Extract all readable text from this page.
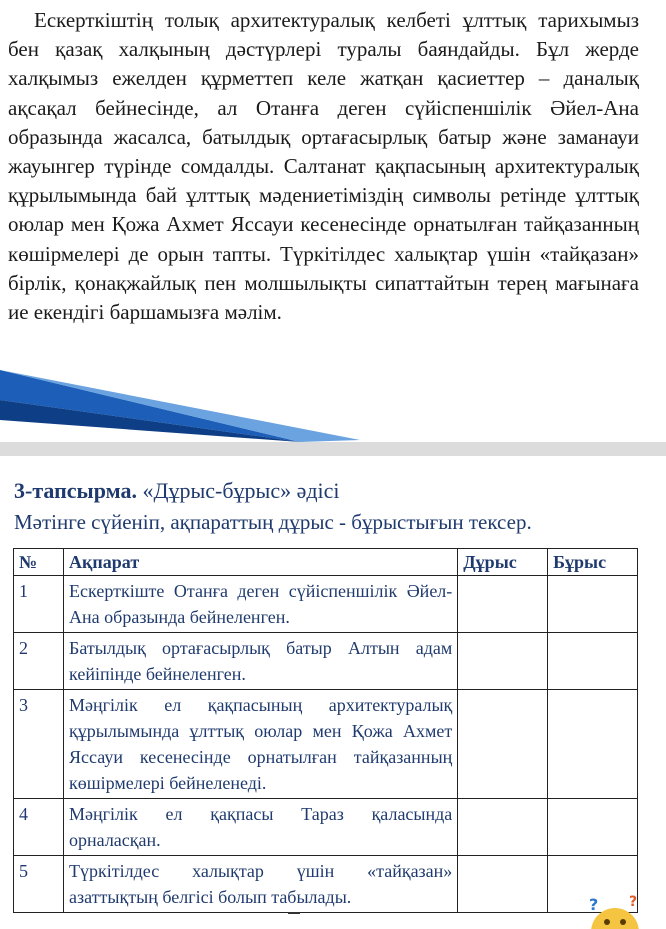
Ескерткіштің толық архитектуралық келбеті ұлттық тарихымыз бен қазақ халқының дәстүрлері туралы баяндайды. Бұл жерде халқымыз ежелден құрметтеп келе жатқан қасиеттер – даналық ақсақал бейнесінде, ал Отанға деген сүйіспеншілік Әйел-Ана образында жасалса, батылдық ортағасырлық батыр және заманауи жауынгер түрінде сомдалды. Салтанат қақпасының архитектуралық құрылымында бай ұлттық мәдениетіміздің символы ретінде ұлттық оюлар мен Қожа Ахмет Яссауи кесенесінде орнатылған тайқазанның көшірмелері де орын тапты. Түркітілдес халықтар үшін «тайқазан» бірлік, қонақжайлық пен молшылықты сипаттайтын терең мағынаға ие екендігі баршамызға мәлім.

3-тапсырма. «Дұрыс-бұрыс» әдісі
Мәтінге сүйеніп, ақпараттың дұрыс - бұрыстығын тексер.
№	Ақпарат	Дұрыс	Бұрыс
1	Ескерткіште Отанға деген сүйіспеншілік Әйел-Ана образында бейнеленген.		
2	Батылдық ортағасырлық батыр Алтын адам кейіпінде бейнеленген.		
3	Мәңгілік ел қақпасының архитектуралық құрылымында ұлттық оюлар мен Қожа Ахмет Яссауи кесенесінде орнатылған тайқазанның көшірмелері бейнеленеді.		
4	Мәңгілік ел қақпасы Тараз қаласында орналасқан.		
5	Түркітілдес халықтар үшін «тайқазан» азаттықтың белгісі болып табылады.			? ?
